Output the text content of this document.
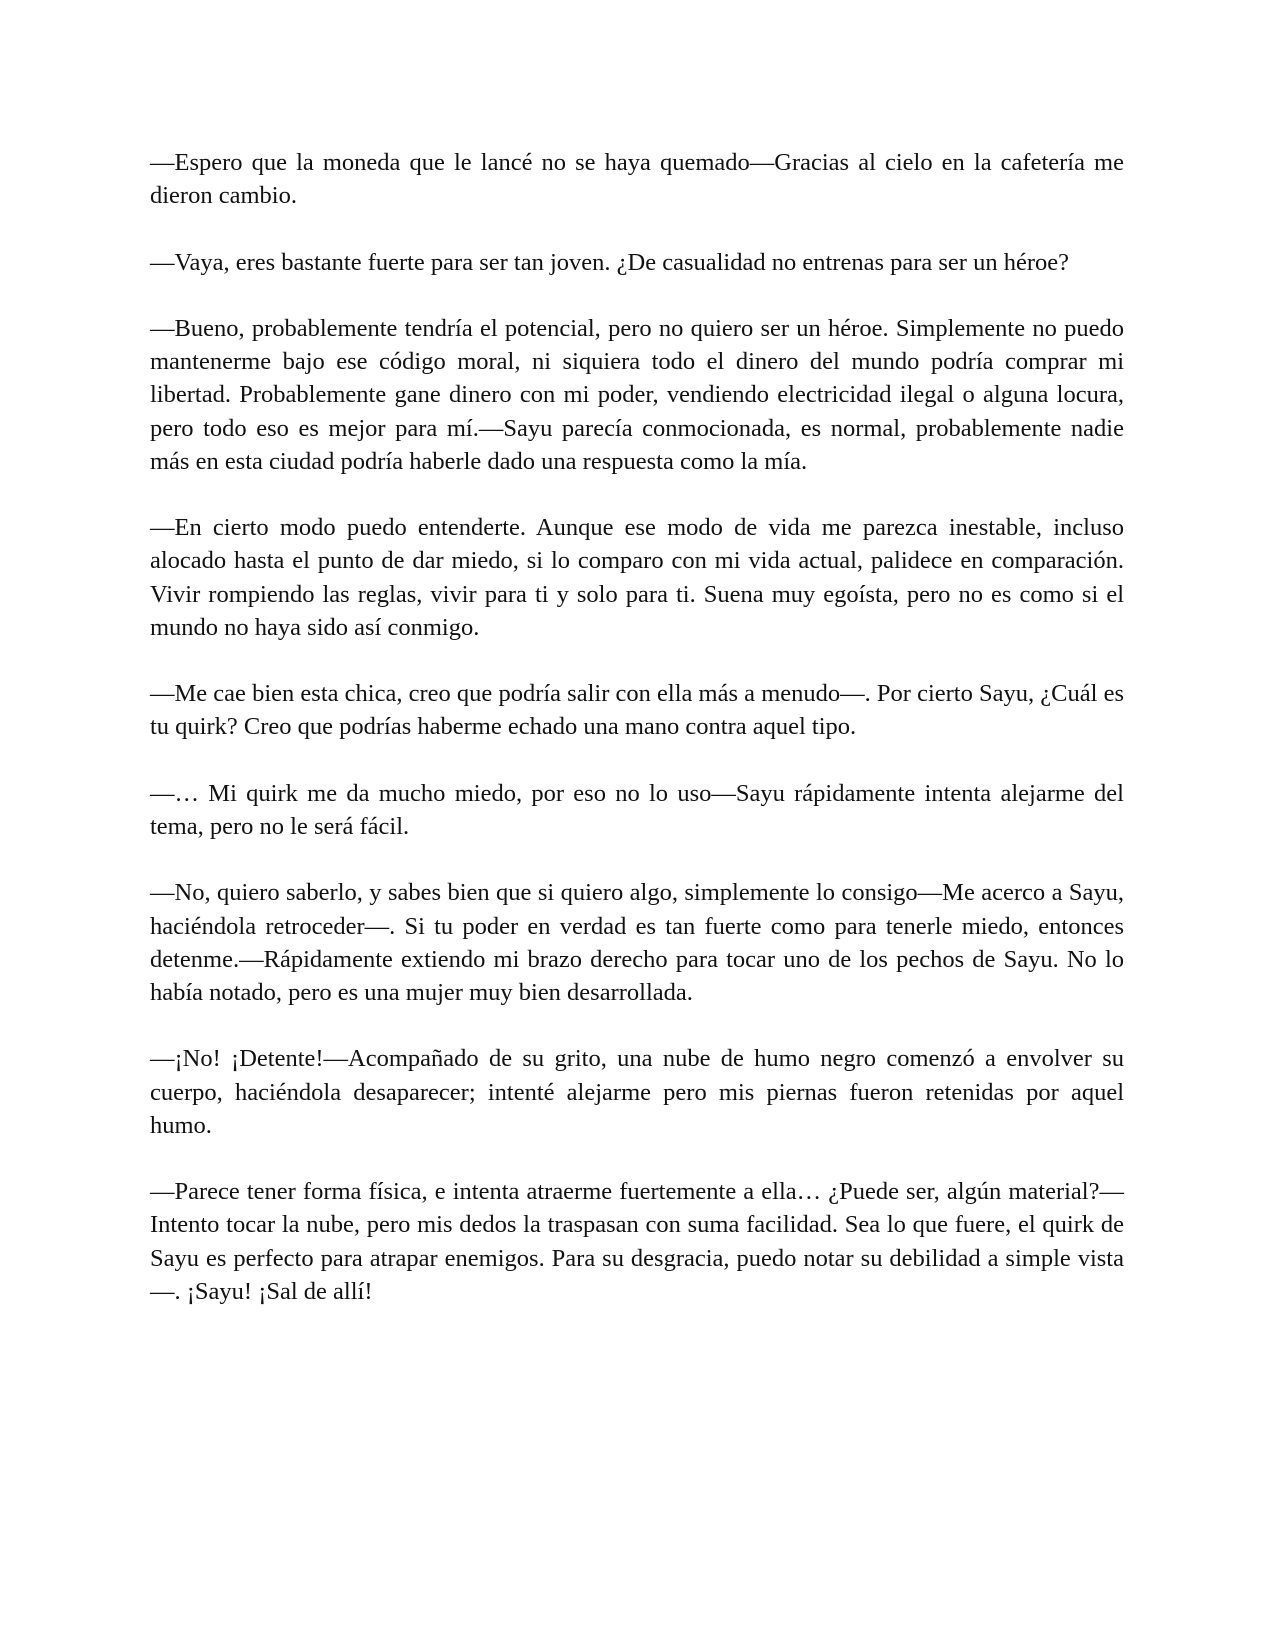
—Espero que la moneda que le lancé no se haya quemado—Gracias al cielo en la cafetería me dieron cambio.

—Vaya, eres bastante fuerte para ser tan joven. ¿De casualidad no entrenas para ser un héroe?

—Bueno, probablemente tendría el potencial, pero no quiero ser un héroe. Simplemente no puedo mantenerme bajo ese código moral, ni siquiera todo el dinero del mundo podría comprar mi libertad. Probablemente gane dinero con mi poder, vendiendo electricidad ilegal o alguna locura, pero todo eso es mejor para mí.—Sayu parecía conmocionada, es normal, probablemente nadie más en esta ciudad podría haberle dado una respuesta como la mía.

—En cierto modo puedo entenderte. Aunque ese modo de vida me parezca inestable, incluso alocado hasta el punto de dar miedo, si lo comparo con mi vida actual, palidece en comparación. Vivir rompiendo las reglas, vivir para ti y solo para ti. Suena muy egoísta, pero no es como si el mundo no haya sido así conmigo.

—Me cae bien esta chica, creo que podría salir con ella más a menudo—. Por cierto Sayu, ¿Cuál es tu quirk? Creo que podrías haberme echado una mano contra aquel tipo.

—… Mi quirk me da mucho miedo, por eso no lo uso—Sayu rápidamente intenta alejarme del tema, pero no le será fácil.

—No, quiero saberlo, y sabes bien que si quiero algo, simplemente lo consigo—Me acerco a Sayu, haciéndola retroceder—. Si tu poder en verdad es tan fuerte como para tenerle miedo, entonces detenme.—Rápidamente extiendo mi brazo derecho para tocar uno de los pechos de Sayu. No lo había notado, pero es una mujer muy bien desarrollada.

—¡No! ¡Detente!—Acompañado de su grito, una nube de humo negro comenzó a envolver su cuerpo, haciéndola desaparecer; intenté alejarme pero mis piernas fueron retenidas por aquel humo.

—Parece tener forma física, e intenta atraerme fuertemente a ella… ¿Puede ser, algún material?—Intento tocar la nube, pero mis dedos la traspasan con suma facilidad. Sea lo que fuere, el quirk de Sayu es perfecto para atrapar enemigos. Para su desgracia, puedo notar su debilidad a simple vista—. ¡Sayu! ¡Sal de allí!
